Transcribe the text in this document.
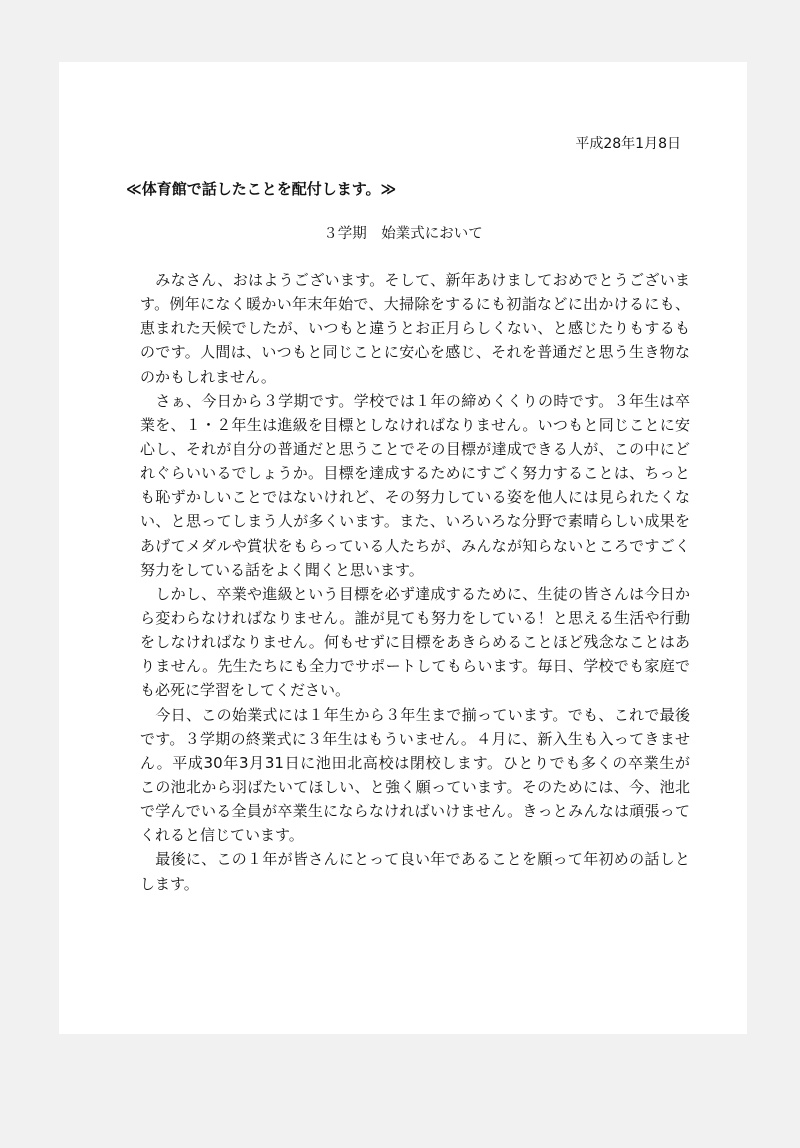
平成28年1月8日
≪体育館で話したことを配付します。≫
３学期　始業式において
　みなさん、おはようございます。そして、新年あけましておめでとうございま
す。例年になく暖かい年末年始で、大掃除をするにも初詣などに出かけるにも、
恵まれた天候でしたが、いつもと違うとお正月らしくない、と感じたりもするも
のです。人間は、いつもと同じことに安心を感じ、それを普通だと思う生き物な
のかもしれません。
　さぁ、今日から３学期です。学校では１年の締めくくりの時です。３年生は卒
業を、１・２年生は進級を目標としなければなりません。いつもと同じことに安
心し、それが自分の普通だと思うことでその目標が達成できる人が、この中にど
れぐらいいるでしょうか。目標を達成するためにすごく努力することは、ちっと
も恥ずかしいことではないけれど、その努力している姿を他人には見られたくな
い、と思ってしまう人が多くいます。また、いろいろな分野で素晴らしい成果を
あげてメダルや賞状をもらっている人たちが、みんなが知らないところですごく
努力をしている話をよく聞くと思います。
　しかし、卒業や進級という目標を必ず達成するために、生徒の皆さんは今日か
ら変わらなければなりません。誰が見ても努力をしている！と思える生活や行動
をしなければなりません。何もせずに目標をあきらめることほど残念なことはあ
りません。先生たちにも全力でサポートしてもらいます。毎日、学校でも家庭で
も必死に学習をしてください。
　今日、この始業式には１年生から３年生まで揃っています。でも、これで最後
です。３学期の終業式に３年生はもういません。４月に、新入生も入ってきませ
ん。平成30年3月31日に池田北高校は閉校します。ひとりでも多くの卒業生が
この池北から羽ばたいてほしい、と強く願っています。そのためには、今、池北
で学んでいる全員が卒業生にならなければいけません。きっとみんなは頑張って
くれると信じています。
　最後に、この１年が皆さんにとって良い年であることを願って年初めの話しと
します。
